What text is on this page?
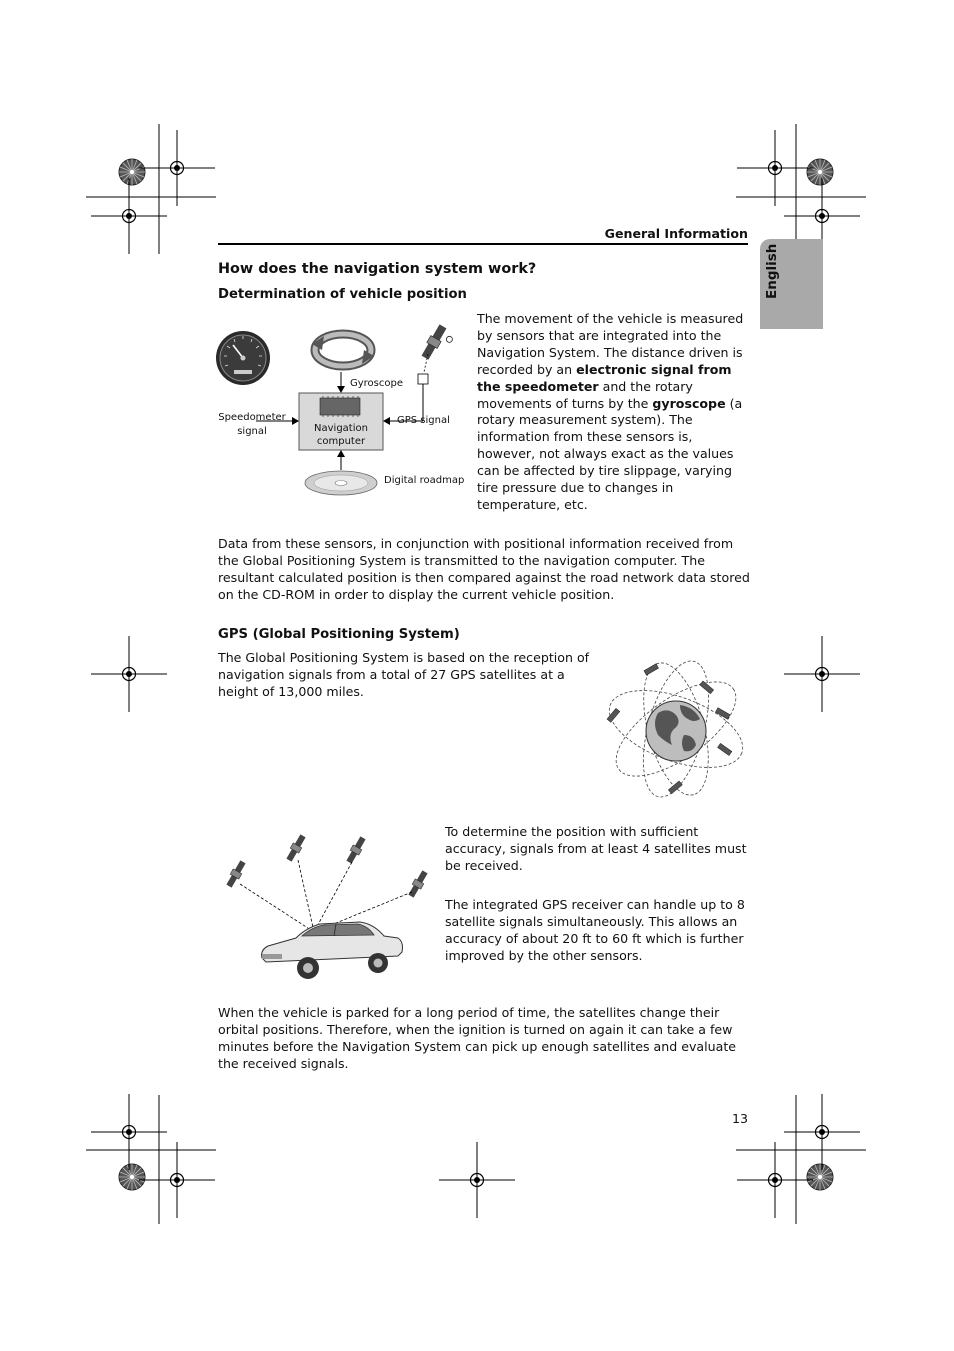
English
General Information
How does the navigation system work?
Determination of vehicle position
Gyroscope
Navigation
computer
Speedometer
signal
GPS signal
Digital roadmap
The movement of the vehicle is measured by sensors that are integrated into the Navigation System. The distance driven is recorded by an electronic signal from the speedometer and the rotary movements of turns by the gyroscope (a rotary measurement system). The information from these sensors is, however, not always exact as the values can be affected by tire slippage, varying tire pressure due to changes in temperature, etc.
Data from these sensors, in conjunction with positional information received from the Global Positioning System is transmitted to the navigation computer. The resultant calculated position is then compared against the road network data stored on the CD-ROM in order to display the current vehicle position.
GPS (Global Positioning System)
The Global Positioning System is based on the reception of navigation signals from a total of 27 GPS satellites at a height of 13,000 miles.
To determine the position with sufficient accuracy, signals from at least 4 satellites must be received.
The integrated GPS receiver can handle up to 8 satellite signals simultaneously. This allows an accuracy of about 20 ft to 60 ft which is further improved by the other sensors.
When the vehicle is parked for a long period of time, the satellites change their orbital positions. Therefore, when the ignition is turned on again it can take a few minutes before the Navigation System can pick up enough satellites and evaluate the received signals.
13
